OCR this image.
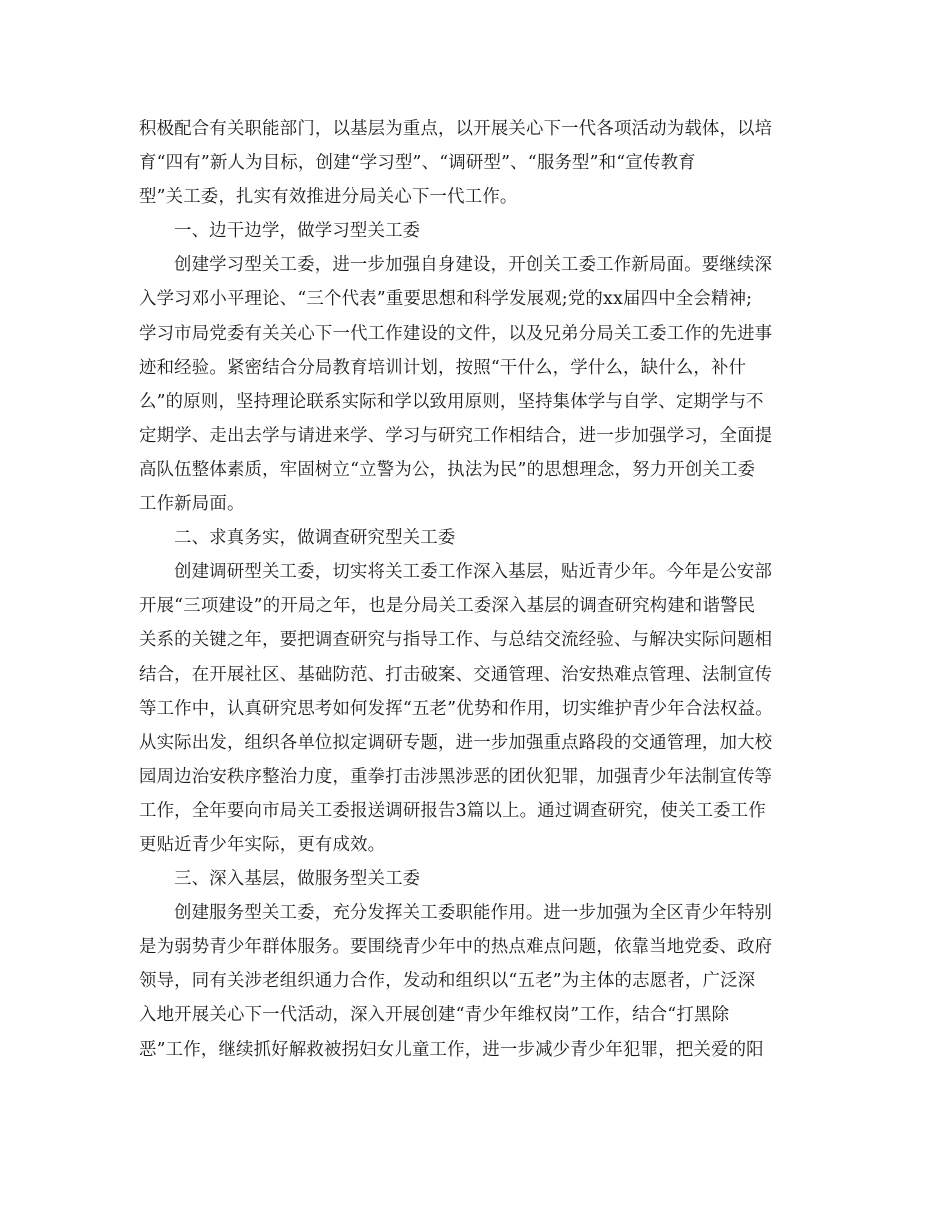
积极配合有关职能部门，以基层为重点，以开展关心下一代各项活动为载体，以培
育“四有”新人为目标，创建“学习型”、“调研型”、“服务型”和“宣传教育
型”关工委，扎实有效推进分局关心下一代工作。
一、边干边学，做学习型关工委
创建学习型关工委，进一步加强自身建设，开创关工委工作新局面。要继续深
入学习邓小平理论、“三个代表”重要思想和科学发展观;党的xx届四中全会精神;
学习市局党委有关关心下一代工作建设的文件，以及兄弟分局关工委工作的先进事
迹和经验。紧密结合分局教育培训计划，按照“干什么，学什么，缺什么，补什
么”的原则，坚持理论联系实际和学以致用原则，坚持集体学与自学、定期学与不
定期学、走出去学与请进来学、学习与研究工作相结合，进一步加强学习，全面提
高队伍整体素质，牢固树立“立警为公，执法为民”的思想理念，努力开创关工委
工作新局面。
二、求真务实，做调查研究型关工委
创建调研型关工委，切实将关工委工作深入基层，贴近青少年。今年是公安部
开展“三项建设”的开局之年，也是分局关工委深入基层的调查研究构建和谐警民
关系的关键之年，要把调查研究与指导工作、与总结交流经验、与解决实际问题相
结合，在开展社区、基础防范、打击破案、交通管理、治安热难点管理、法制宣传
等工作中，认真研究思考如何发挥“五老”优势和作用，切实维护青少年合法权益。
从实际出发，组织各单位拟定调研专题，进一步加强重点路段的交通管理，加大校
园周边治安秩序整治力度，重拳打击涉黑涉恶的团伙犯罪，加强青少年法制宣传等
工作，全年要向市局关工委报送调研报告3篇以上。通过调查研究，使关工委工作
更贴近青少年实际，更有成效。
三、深入基层，做服务型关工委
创建服务型关工委，充分发挥关工委职能作用。进一步加强为全区青少年特别
是为弱势青少年群体服务。要围绕青少年中的热点难点问题，依靠当地党委、政府
领导，同有关涉老组织通力合作，发动和组织以“五老”为主体的志愿者，广泛深
入地开展关心下一代活动，深入开展创建“青少年维权岗”工作，结合“打黑除
恶”工作，继续抓好解救被拐妇女儿童工作，进一步减少青少年犯罪，把关爱的阳
